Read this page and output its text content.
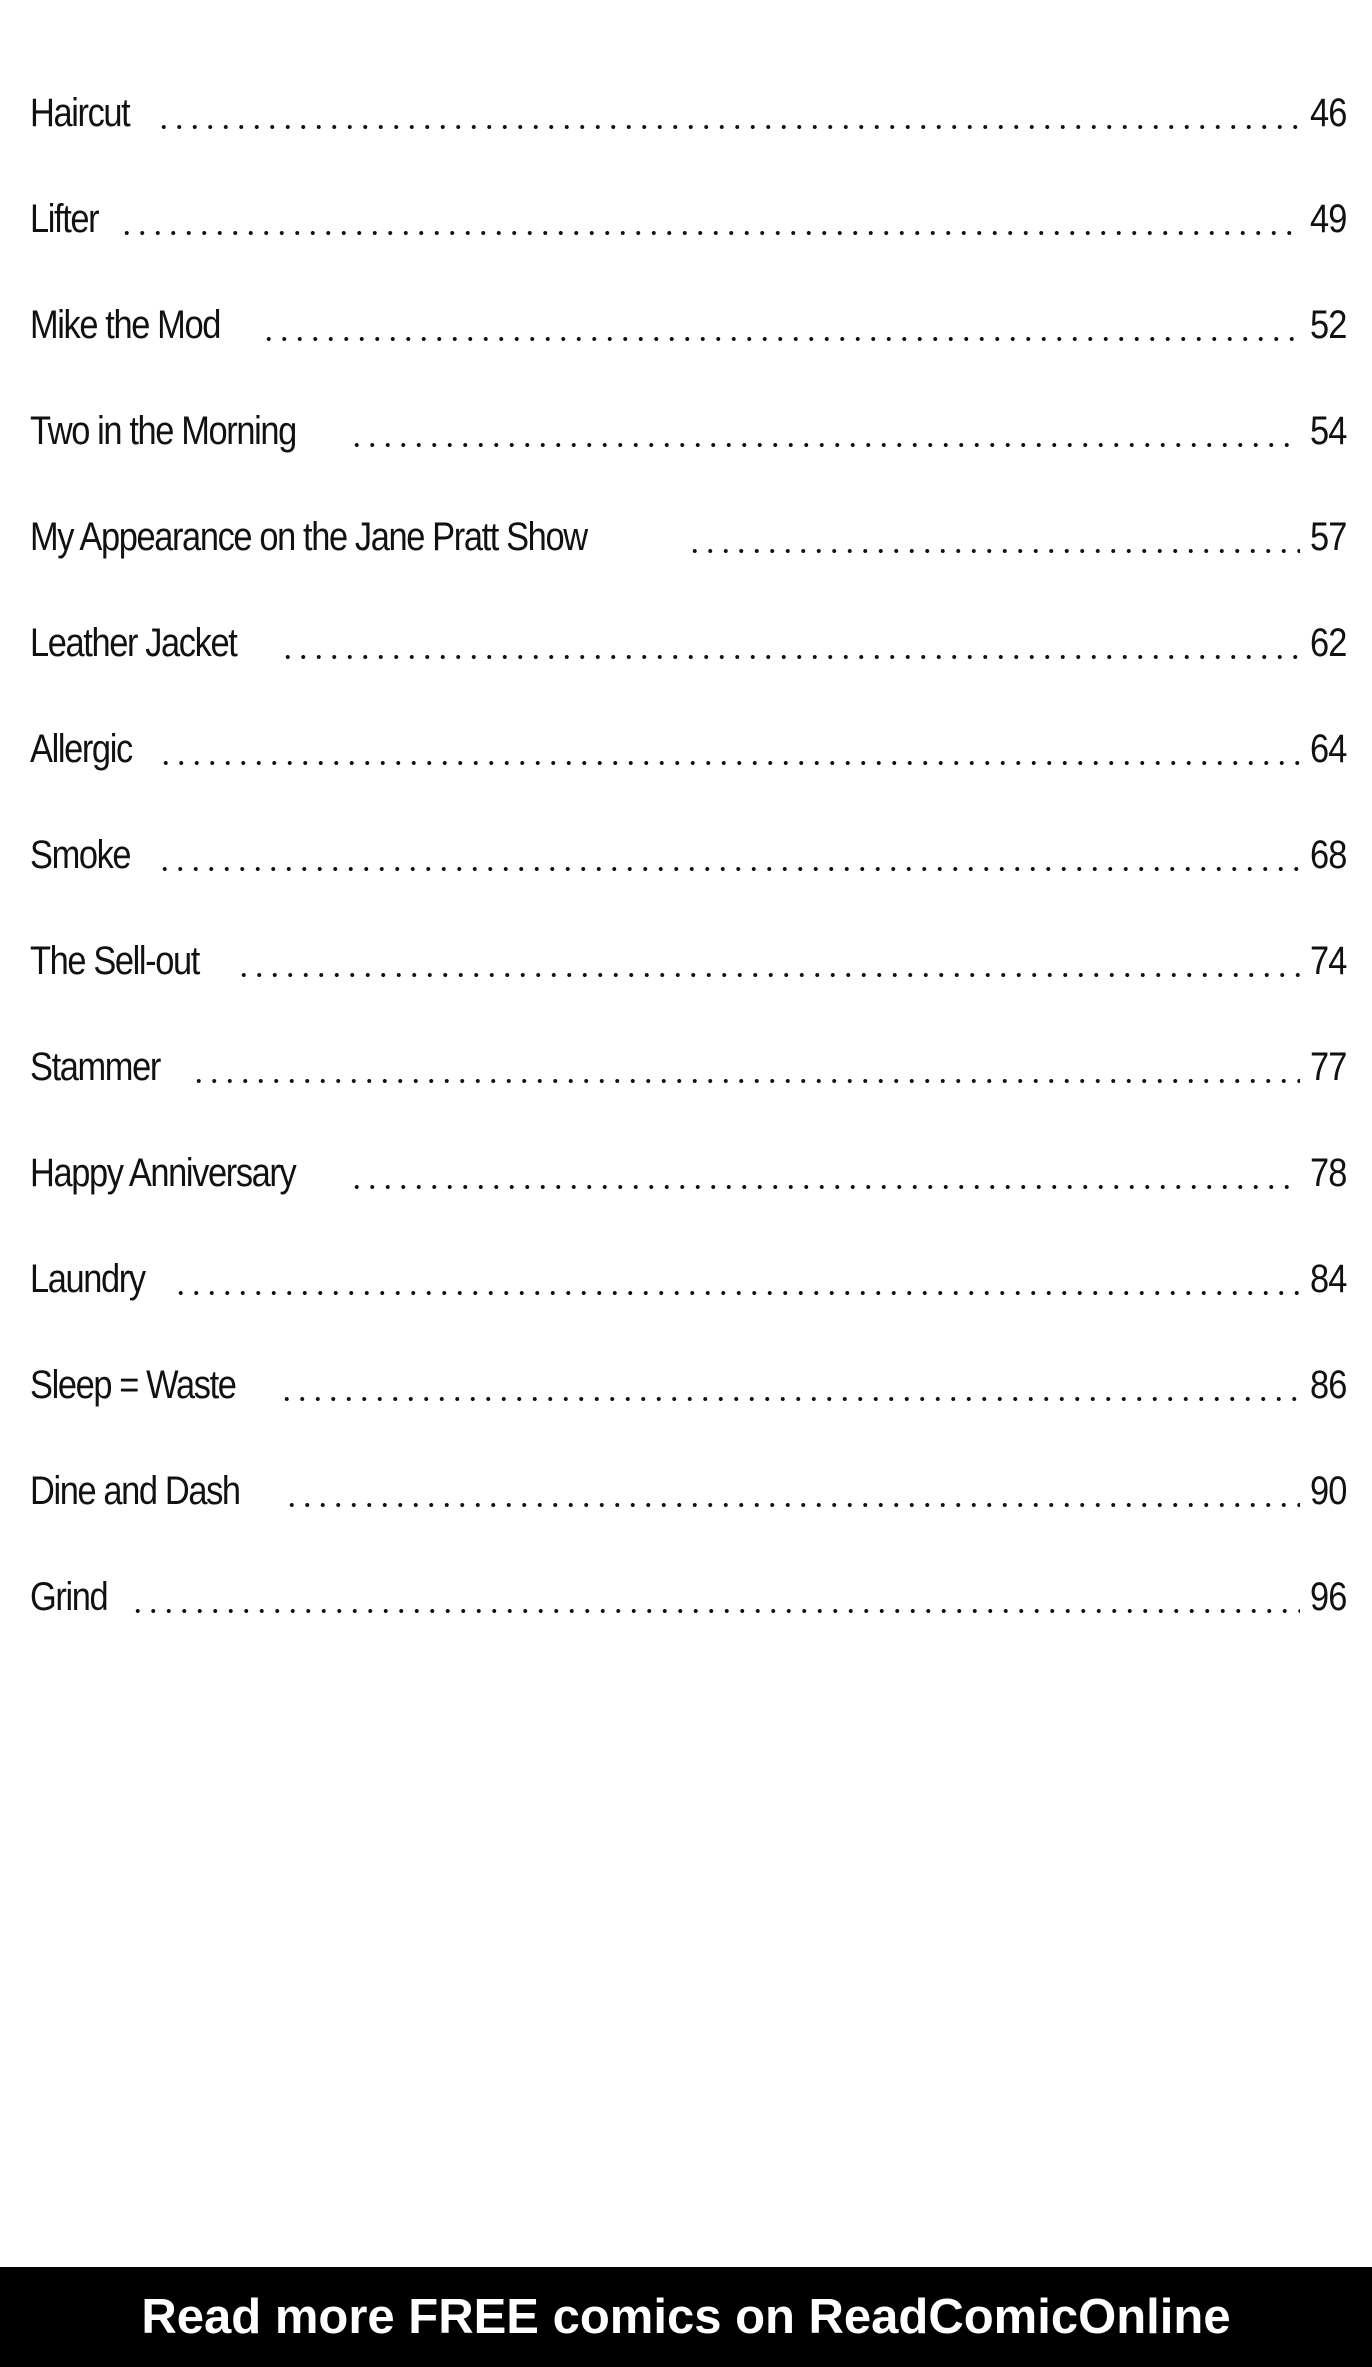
Haircut	46
Lifter	49
Mike the Mod	52
Two in the Morning	54
My Appearance on the Jane Pratt Show	57
Leather Jacket	62
Allergic	64
Smoke	68
The Sell-out	74
Stammer	77
Happy Anniversary	78
Laundry	84
Sleep = Waste	86
Dine and Dash	90
Grind	96
Read more FREE comics on ReadComicOnline
